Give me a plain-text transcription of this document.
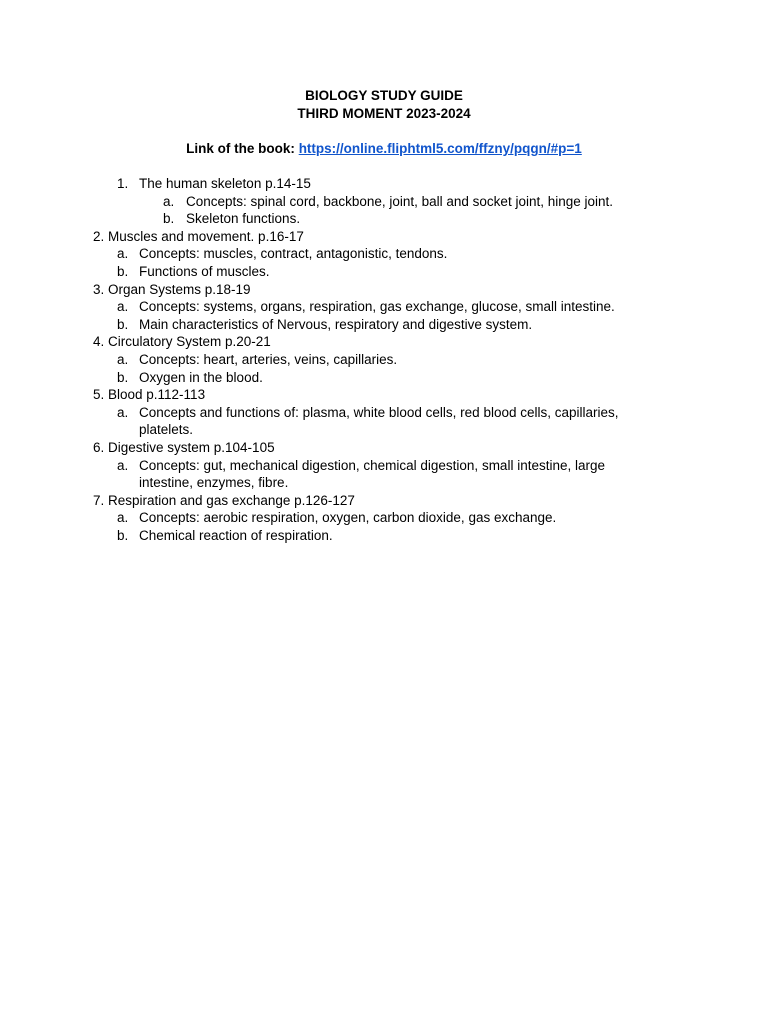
BIOLOGY STUDY GUIDE
THIRD MOMENT 2023-2024
Link of the book: https://online.fliphtml5.com/ffzny/pqgn/#p=1
1. The human skeleton p.14-15
a. Concepts: spinal cord, backbone, joint, ball and socket joint, hinge joint.
b. Skeleton functions.
2. Muscles and movement. p.16-17
a. Concepts: muscles, contract, antagonistic, tendons.
b. Functions of muscles.
3. Organ Systems p.18-19
a. Concepts: systems, organs, respiration, gas exchange, glucose, small intestine.
b. Main characteristics of Nervous, respiratory and digestive system.
4. Circulatory System p.20-21
a. Concepts: heart, arteries, veins, capillaries.
b. Oxygen in the blood.
5. Blood p.112-113
a. Concepts and functions of: plasma, white blood cells, red blood cells, capillaries,
platelets.
6. Digestive system p.104-105
a. Concepts: gut, mechanical digestion, chemical digestion, small intestine, large
intestine, enzymes, fibre.
7. Respiration and gas exchange p.126-127
a. Concepts: aerobic respiration, oxygen, carbon dioxide, gas exchange.
b. Chemical reaction of respiration.
